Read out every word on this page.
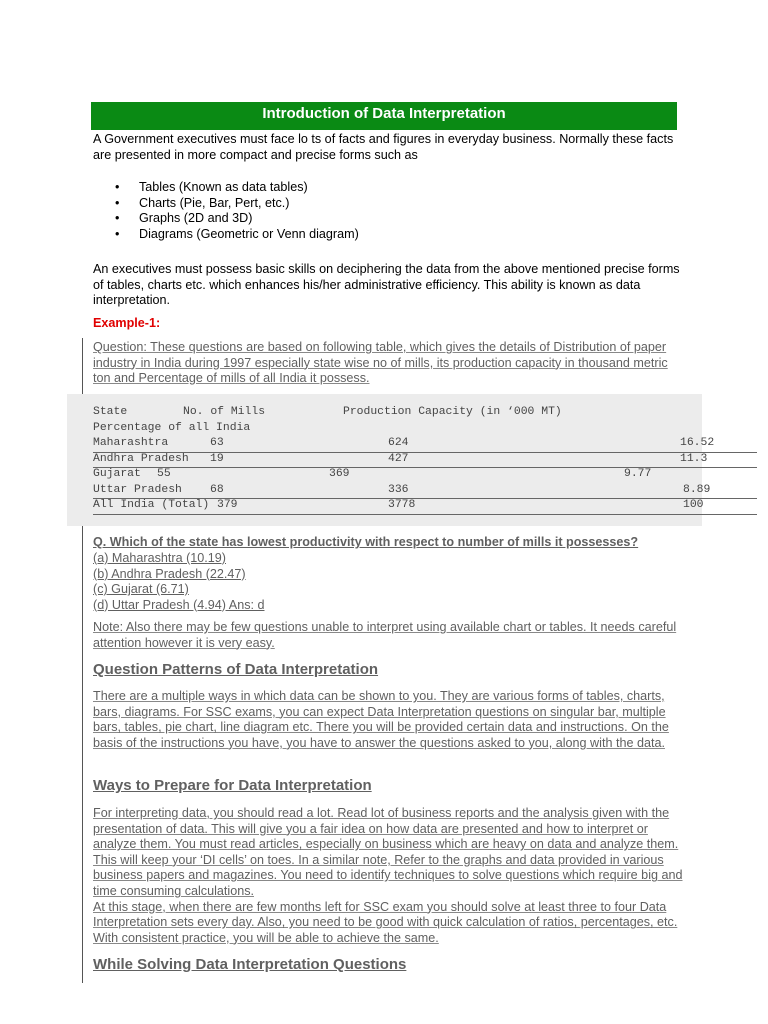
Introduction of Data Interpretation
A Government executives must face lo ts of facts and figures in everyday business. Normally these facts are presented in more compact and precise forms such as
• Tables (Known as data tables)
• Charts (Pie, Bar, Pert, etc.)
• Graphs (2D and 3D)
• Diagrams (Geometric or Venn diagram)
An executives must possess basic skills on deciphering the data from the above mentioned precise forms of tables, charts etc. which enhances his/her administrative efficiency. This ability is known as data interpretation.
Example-1:
Question: These questions are based on following table, which gives the details of Distribution of paper industry in India during 1997 especially state wise no of mills, its production capacity in thousand metric ton and Percentage of mills of all India it possess.
State	No. of Mills	Production Capacity (in ‘000 MT)
Percentage of all India
Maharashtra	63	624	16.52
Andhra Pradesh 19	427	11.3
Gujarat 55	369	9.77
Uttar Pradesh 68	336	8.89
All India (Total) 379	3778	100
Q. Which of the state has lowest productivity with respect to number of mills it possesses?
(a) Maharashtra (10.19)
(b) Andhra Pradesh (22.47)
(c) Gujarat (6.71)
(d) Uttar Pradesh (4.94) Ans: d
Note: Also there may be few questions unable to interpret using available chart or tables. It needs careful attention however it is very easy.
Question Patterns of Data Interpretation
There are a multiple ways in which data can be shown to you. They are various forms of tables, charts, bars, diagrams. For SSC exams, you can expect Data Interpretation questions on singular bar, multiple bars, tables, pie chart, line diagram etc. There you will be provided certain data and instructions. On the basis of the instructions you have, you have to answer the questions asked to you, along with the data.
Ways to Prepare for Data Interpretation
For interpreting data, you should read a lot. Read lot of business reports and the analysis given with the presentation of data. This will give you a fair idea on how data are presented and how to interpret or analyze them. You must read articles, especially on business which are heavy on data and analyze them. This will keep your ‘DI cells’ on toes. In a similar note, Refer to the graphs and data provided in various business papers and magazines. You need to identify techniques to solve questions which require big and time consuming calculations.
At this stage, when there are few months left for SSC exam you should solve at least three to four Data Interpretation sets every day. Also, you need to be good with quick calculation of ratios, percentages, etc. With consistent practice, you will be able to achieve the same.
While Solving Data Interpretation Questions
